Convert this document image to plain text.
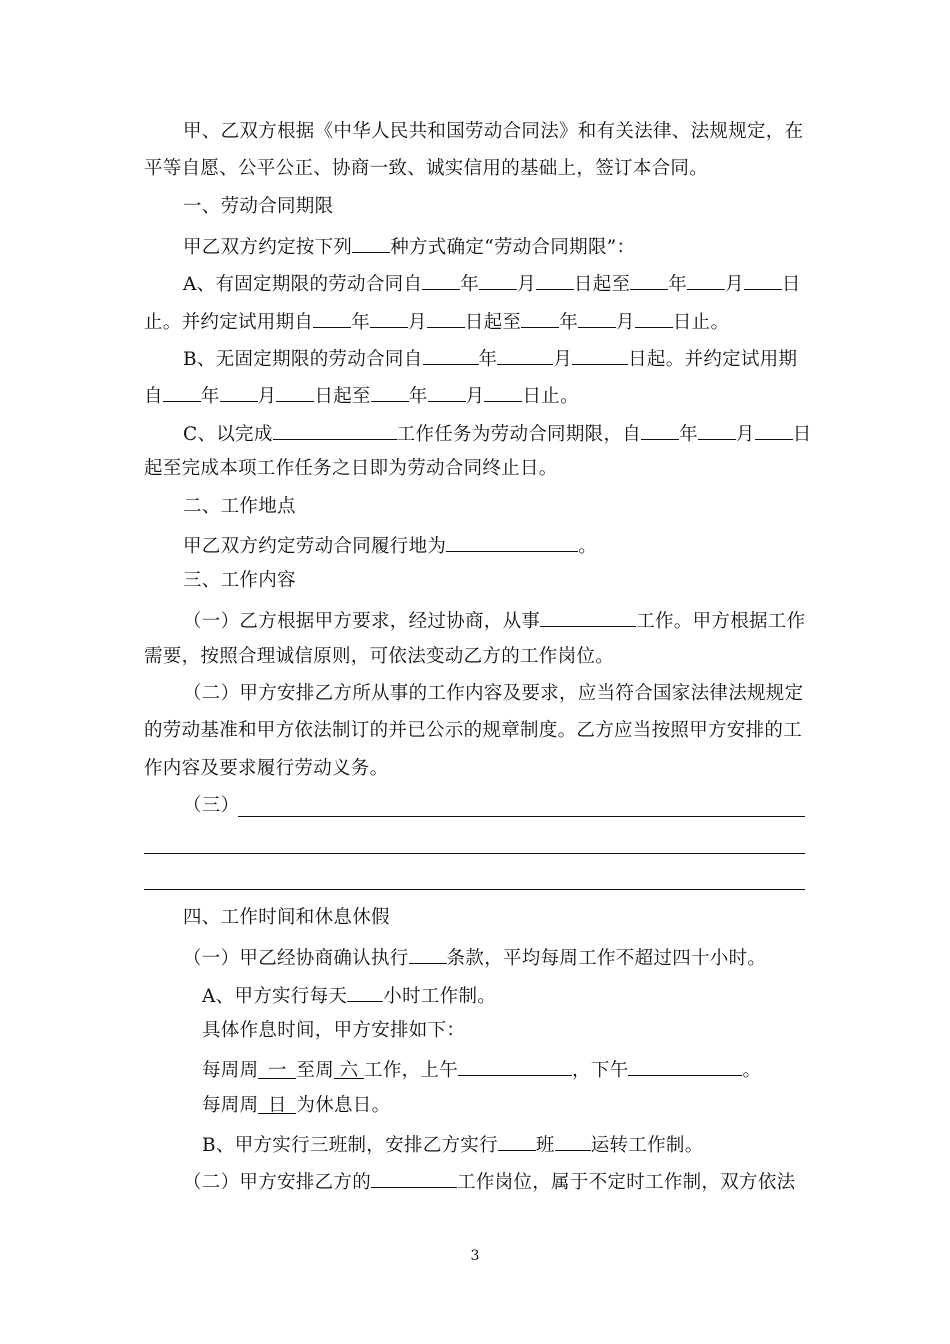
甲、乙双方根据《中华人民共和国劳动合同法》和有关法律、法规规定，在
平等自愿、公平公正、协商一致、诚实信用的基础上，签订本合同。
一、劳动合同期限
甲乙双方约定按下列 种方式确定“劳动合同期限”：
A、有固定期限的劳动合同自 年 月 日起至 年 月 日
止。并约定试用期自 年 月 日起至 年 月 日止。
B、无固定期限的劳动合同自	年	月	日起。并约定试用期
自 年 月 日起至 年 月 日止。
C、以完成	工作任务为劳动合同期限，自 年 月 日
起至完成本项工作任务之日即为劳动合同终止日。
二、工作地点
甲乙双方约定劳动合同履行地为	。
三、工作内容
（一）乙方根据甲方要求，经过协商，从事	工作。甲方根据工作
需要，按照合理诚信原则，可依法变动乙方的工作岗位。
（二）甲方安排乙方所从事的工作内容及要求，应当符合国家法律法规规定
的劳动基准和甲方依法制订的并已公示的规章制度。乙方应当按照甲方安排的工
作内容及要求履行劳动义务。
（三）
四、工作时间和休息休假
（一）甲乙经协商确认执行 条款，平均每周工作不超过四十小时。
A、甲方实行每天 小时工作制。
具体作息时间，甲方安排如下：
每周周 一 至周 六 工作，上午	，下午	。
每周周 日 为休息日。
B、甲方实行三班制，安排乙方实行 班 运转工作制。
（二）甲方安排乙方的	工作岗位，属于不定时工作制，双方依法
3
